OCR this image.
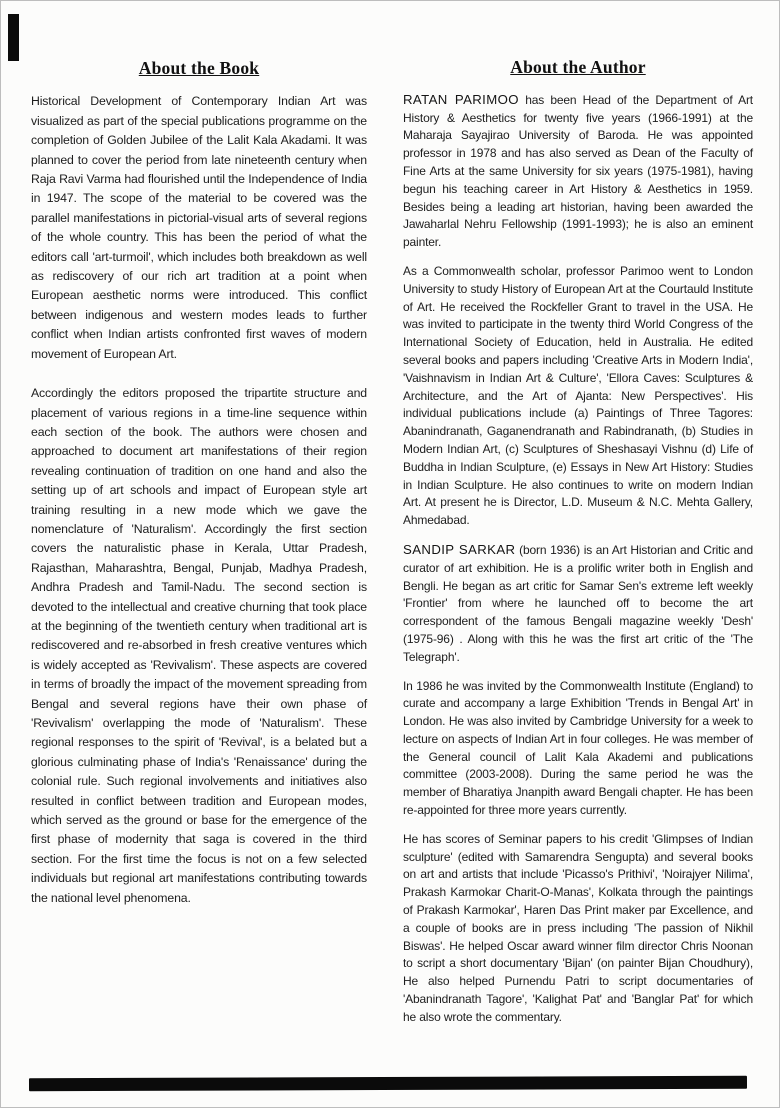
About the Book

Historical Development of Contemporary Indian Art was visualized as part of the special publications programme on the completion of Golden Jubilee of the Lalit Kala Akadami. It was planned to cover the period from late nineteenth century when Raja Ravi Varma had flourished until the Independence of India in 1947. The scope of the material to be covered was the parallel manifestations in pictorial-visual arts of several regions of the whole country. This has been the period of what the editors call 'art-turmoil', which includes both breakdown as well as rediscovery of our rich art tradition at a point when European aesthetic norms were introduced. This conflict between indigenous and western modes leads to further conflict when Indian artists confronted first waves of modern movement of European Art.

Accordingly the editors proposed the tripartite structure and placement of various regions in a time-line sequence within each section of the book. The authors were chosen and approached to document art manifestations of their region revealing continuation of tradition on one hand and also the setting up of art schools and impact of European style art training resulting in a new mode which we gave the nomenclature of 'Naturalism'. Accordingly the first section covers the naturalistic phase in Kerala, Uttar Pradesh, Rajasthan, Maharashtra, Bengal, Punjab, Madhya Pradesh, Andhra Pradesh and Tamil-Nadu. The second section is devoted to the intellectual and creative churning that took place at the beginning of the twentieth century when traditional art is rediscovered and re-absorbed in fresh creative ventures which is widely accepted as 'Revivalism'. These aspects are covered in terms of broadly the impact of the movement spreading from Bengal and several regions have their own phase of 'Revivalism' overlapping the mode of 'Naturalism'. These regional responses to the spirit of 'Revival', is a belated but a glorious culminating phase of India's 'Renaissance' during the colonial rule. Such regional involvements and initiatives also resulted in conflict between tradition and European modes, which served as the ground or base for the emergence of the first phase of modernity that saga is covered in the third section. For the first time the focus is not on a few selected individuals but regional art manifestations contributing towards the national level phenomena.

About the Author

RATAN PARIMOO has been Head of the Department of Art History & Aesthetics for twenty five years (1966-1991) at the Maharaja Sayajirao University of Baroda. He was appointed professor in 1978 and has also served as Dean of the Faculty of Fine Arts at the same University for six years (1975-1981), having begun his teaching career in Art History & Aesthetics in 1959. Besides being a leading art historian, having been awarded the Jawaharlal Nehru Fellowship (1991-1993); he is also an eminent painter.

As a Commonwealth scholar, professor Parimoo went to London University to study History of European Art at the Courtauld Institute of Art. He received the Rockfeller Grant to travel in the USA. He was invited to participate in the twenty third World Congress of the International Society of Education, held in Australia. He edited several books and papers including 'Creative Arts in Modern India', 'Vaishnavism in Indian Art & Culture', 'Ellora Caves: Sculptures & Architecture, and the Art of Ajanta: New Perspectives'. His individual publications include (a) Paintings of Three Tagores: Abanindranath, Gaganendranath and Rabindranath, (b) Studies in Modern Indian Art, (c) Sculptures of Sheshasayi Vishnu (d) Life of Buddha in Indian Sculpture, (e) Essays in New Art History: Studies in Indian Sculpture. He also continues to write on modern Indian Art. At present he is Director, L.D. Museum & N.C. Mehta Gallery, Ahmedabad.

SANDIP SARKAR (born 1936) is an Art Historian and Critic and curator of art exhibition. He is a prolific writer both in English and Bengli. He began as art critic for Samar Sen's extreme left weekly 'Frontier' from where he launched off to become the art correspondent of the famous Bengali magazine weekly 'Desh' (1975-96) . Along with this he was the first art critic of the 'The Telegraph'.

In 1986 he was invited by the Commonwealth Institute (England) to curate and accompany a large Exhibition 'Trends in Bengal Art' in London. He was also invited by Cambridge University for a week to lecture on aspects of Indian Art in four colleges. He was member of the General council of Lalit Kala Akademi and publications committee (2003-2008). During the same period he was the member of Bharatiya Jnanpith award Bengali chapter. He has been re-appointed for three more years currently.

He has scores of Seminar papers to his credit 'Glimpses of Indian sculpture' (edited with Samarendra Sengupta) and several books on art and artists that include 'Picasso's Prithivi', 'Noirajyer Nilima', Prakash Karmokar Charit-O-Manas', Kolkata through the paintings of Prakash Karmokar', Haren Das Print maker par Excellence, and a couple of books are in press including 'The passion of Nikhil Biswas'. He helped Oscar award winner film director Chris Noonan to script a short documentary 'Bijan' (on painter Bijan Choudhury), He also helped Purnendu Patri to script documentaries of 'Abanindranath Tagore', 'Kalighat Pat' and 'Banglar Pat' for which he also wrote the commentary.
